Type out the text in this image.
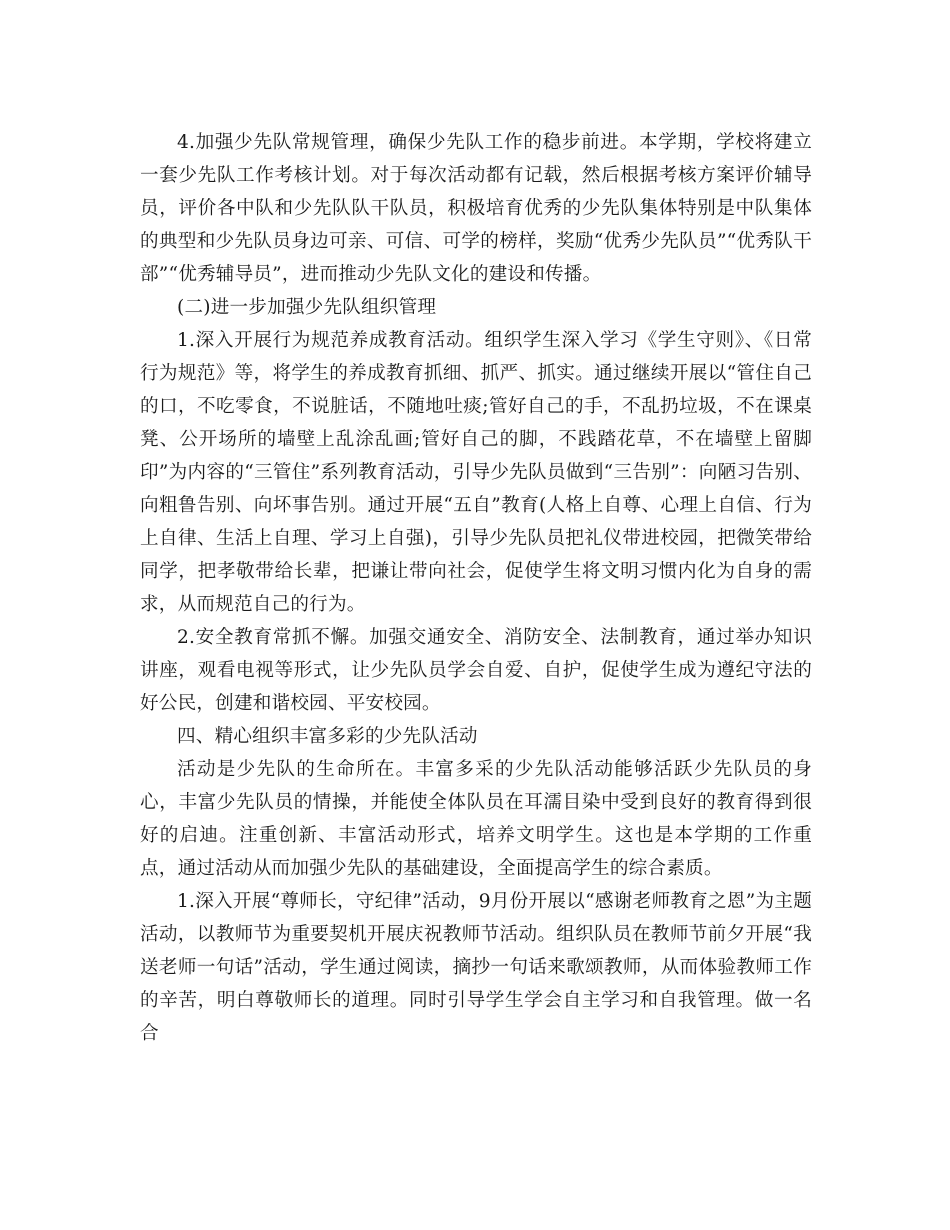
4.加强少先队常规管理，确保少先队工作的稳步前进。本学期，学校将建立一套少先队工作考核计划。对于每次活动都有记载，然后根据考核方案评价辅导员，评价各中队和少先队队干队员，积极培育优秀的少先队集体特别是中队集体的典型和少先队员身边可亲、可信、可学的榜样，奖励“优秀少先队员”“优秀队干部”“优秀辅导员”，进而推动少先队文化的建设和传播。

(二)进一步加强少先队组织管理

1.深入开展行为规范养成教育活动。组织学生深入学习《学生守则》、《日常行为规范》等，将学生的养成教育抓细、抓严、抓实。通过继续开展以“管住自己的口，不吃零食，不说脏话，不随地吐痰;管好自己的手，不乱扔垃圾，不在课桌凳、公开场所的墙壁上乱涂乱画;管好自己的脚，不践踏花草，不在墙壁上留脚印”为内容的“三管住”系列教育活动，引导少先队员做到“三告别”：向陋习告别、向粗鲁告别、向坏事告别。通过开展“五自”教育(人格上自尊、心理上自信、行为上自律、生活上自理、学习上自强)，引导少先队员把礼仪带进校园，把微笑带给同学，把孝敬带给长辈，把谦让带向社会，促使学生将文明习惯内化为自身的需求，从而规范自己的行为。

2.安全教育常抓不懈。加强交通安全、消防安全、法制教育，通过举办知识讲座，观看电视等形式，让少先队员学会自爱、自护，促使学生成为遵纪守法的好公民，创建和谐校园、平安校园。

四、精心组织丰富多彩的少先队活动

活动是少先队的生命所在。丰富多采的少先队活动能够活跃少先队员的身心，丰富少先队员的情操，并能使全体队员在耳濡目染中受到良好的教育得到很好的启迪。注重创新、丰富活动形式，培养文明学生。这也是本学期的工作重点，通过活动从而加强少先队的基础建设，全面提高学生的综合素质。

1.深入开展“尊师长，守纪律”活动，9月份开展以“感谢老师教育之恩”为主题活动，以教师节为重要契机开展庆祝教师节活动。组织队员在教师节前夕开展“我送老师一句话”活动，学生通过阅读，摘抄一句话来歌颂教师，从而体验教师工作的辛苦，明白尊敬师长的道理。同时引导学生学会自主学习和自我管理。做一名合
